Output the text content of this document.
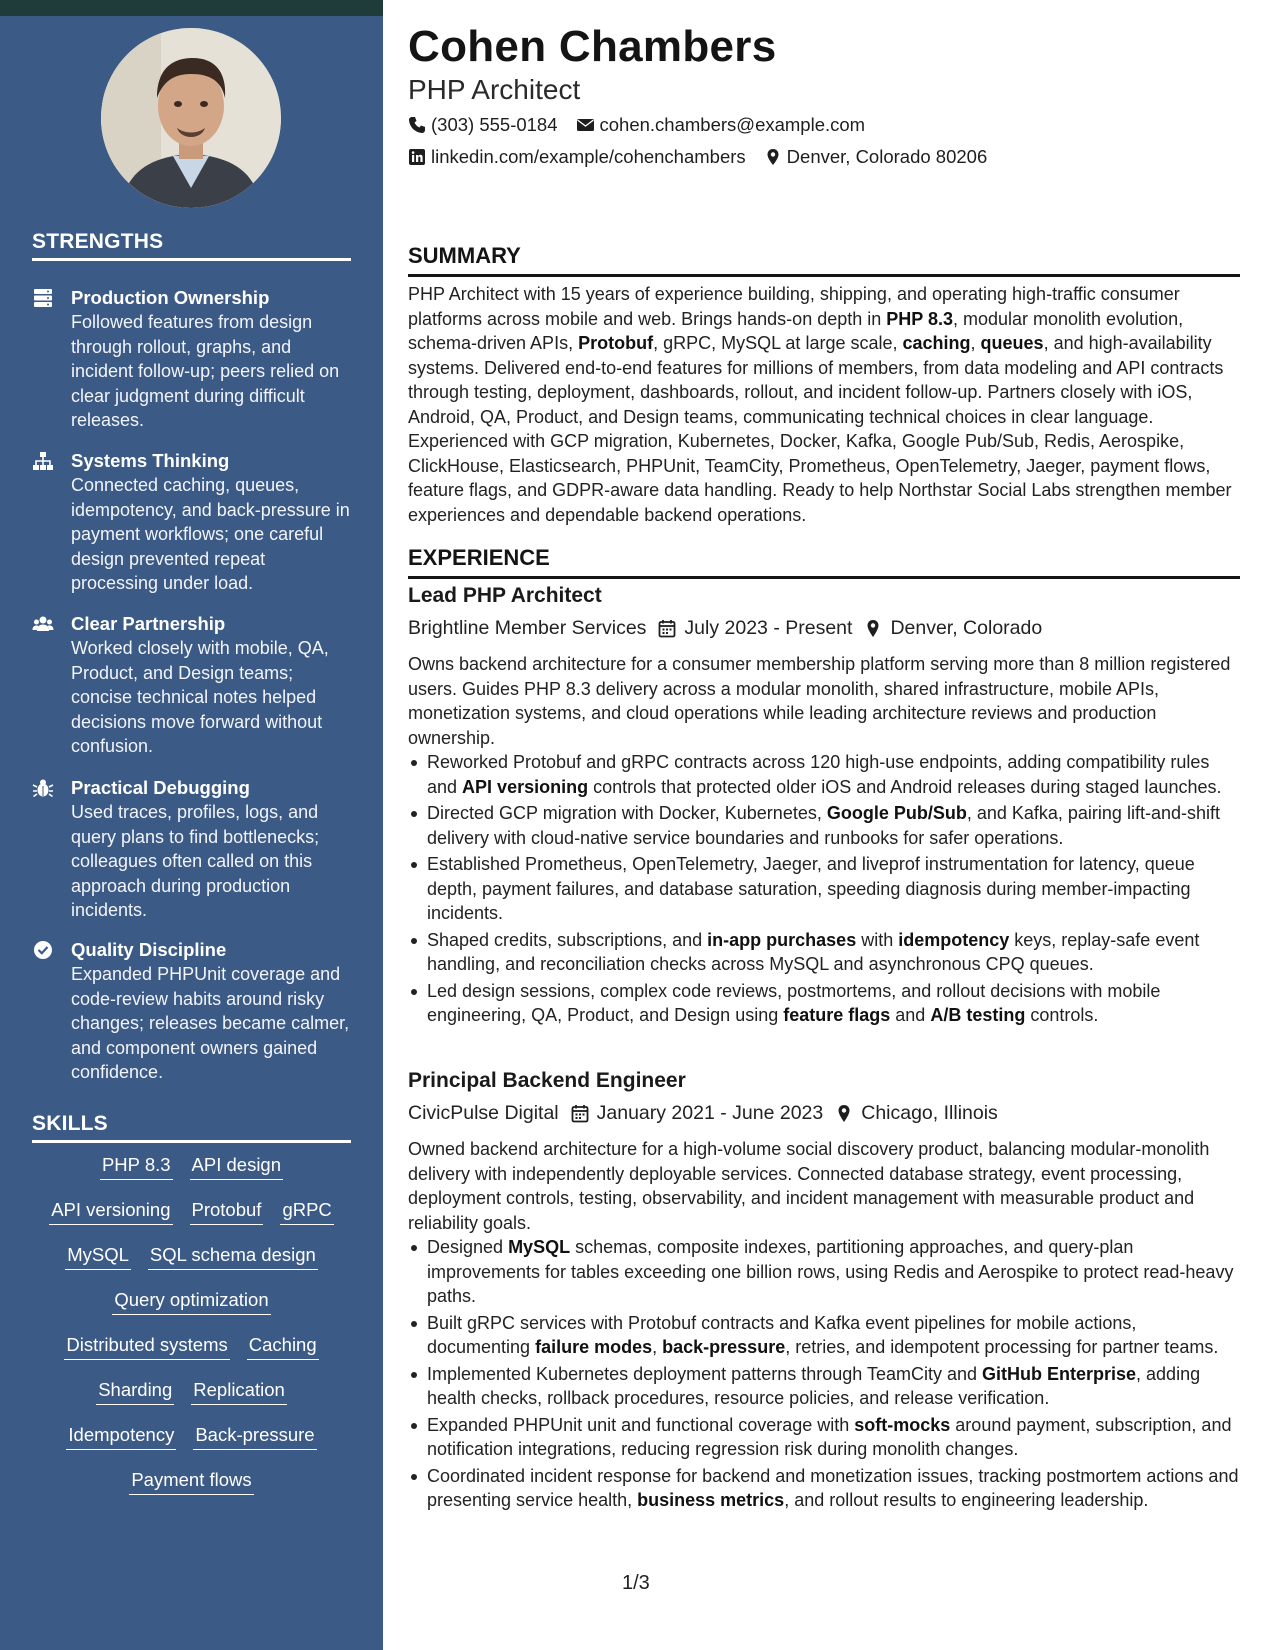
STRENGTHS
Production Ownership
Followed features from design through rollout, graphs, and incident follow-up; peers relied on clear judgment during difficult releases.
Systems Thinking
Connected caching, queues, idempotency, and back-pressure in payment workflows; one careful design prevented repeat processing under load.
Clear Partnership
Worked closely with mobile, QA, Product, and Design teams; concise technical notes helped decisions move forward without confusion.
Practical Debugging
Used traces, profiles, logs, and query plans to find bottlenecks; colleagues often called on this approach during production incidents.
Quality Discipline
Expanded PHPUnit coverage and code-review habits around risky changes; releases became calmer, and component owners gained confidence.
SKILLS
PHP 8.3 API design
API versioning Protobuf gRPC
MySQL SQL schema design
Query optimization
Distributed systems Caching
Sharding Replication
Idempotency Back-pressure
Payment flows
Cohen Chambers
PHP Architect
(303) 555-0184 cohen.chambers@example.com
linkedin.com/example/cohenchambers Denver, Colorado 80206
SUMMARY
PHP Architect with 15 years of experience building, shipping, and operating high-traffic consumer platforms across mobile and web. Brings hands-on depth in PHP 8.3, modular monolith evolution, schema-driven APIs, Protobuf, gRPC, MySQL at large scale, caching, queues, and high-availability systems. Delivered end-to-end features for millions of members, from data modeling and API contracts through testing, deployment, dashboards, rollout, and incident follow-up. Partners closely with iOS, Android, QA, Product, and Design teams, communicating technical choices in clear language. Experienced with GCP migration, Kubernetes, Docker, Kafka, Google Pub/Sub, Redis, Aerospike, ClickHouse, Elasticsearch, PHPUnit, TeamCity, Prometheus, OpenTelemetry, Jaeger, payment flows, feature flags, and GDPR-aware data handling. Ready to help Northstar Social Labs strengthen member experiences and dependable backend operations.
EXPERIENCE
Lead PHP Architect
Brightline Member Services July 2023 - Present Denver, Colorado
Owns backend architecture for a consumer membership platform serving more than 8 million registered users. Guides PHP 8.3 delivery across a modular monolith, shared infrastructure, mobile APIs, monetization systems, and cloud operations while leading architecture reviews and production ownership.
Reworked Protobuf and gRPC contracts across 120 high-use endpoints, adding compatibility rules and API versioning controls that protected older iOS and Android releases during staged launches.
Directed GCP migration with Docker, Kubernetes, Google Pub/Sub, and Kafka, pairing lift-and-shift delivery with cloud-native service boundaries and runbooks for safer operations.
Established Prometheus, OpenTelemetry, Jaeger, and liveprof instrumentation for latency, queue depth, payment failures, and database saturation, speeding diagnosis during member-impacting incidents.
Shaped credits, subscriptions, and in-app purchases with idempotency keys, replay-safe event handling, and reconciliation checks across MySQL and asynchronous CPQ queues.
Led design sessions, complex code reviews, postmortems, and rollout decisions with mobile engineering, QA, Product, and Design using feature flags and A/B testing controls.
Principal Backend Engineer
CivicPulse Digital January 2021 - June 2023 Chicago, Illinois
Owned backend architecture for a high-volume social discovery product, balancing modular-monolith delivery with independently deployable services. Connected database strategy, event processing, deployment controls, testing, observability, and incident management with measurable product and reliability goals.
Designed MySQL schemas, composite indexes, partitioning approaches, and query-plan improvements for tables exceeding one billion rows, using Redis and Aerospike to protect read-heavy paths.
Built gRPC services with Protobuf contracts and Kafka event pipelines for mobile actions, documenting failure modes, back-pressure, retries, and idempotent processing for partner teams.
Implemented Kubernetes deployment patterns through TeamCity and GitHub Enterprise, adding health checks, rollback procedures, resource policies, and release verification.
Expanded PHPUnit unit and functional coverage with soft-mocks around payment, subscription, and notification integrations, reducing regression risk during monolith changes.
Coordinated incident response for backend and monetization issues, tracking postmortem actions and presenting service health, business metrics, and rollout results to engineering leadership.
1/3
